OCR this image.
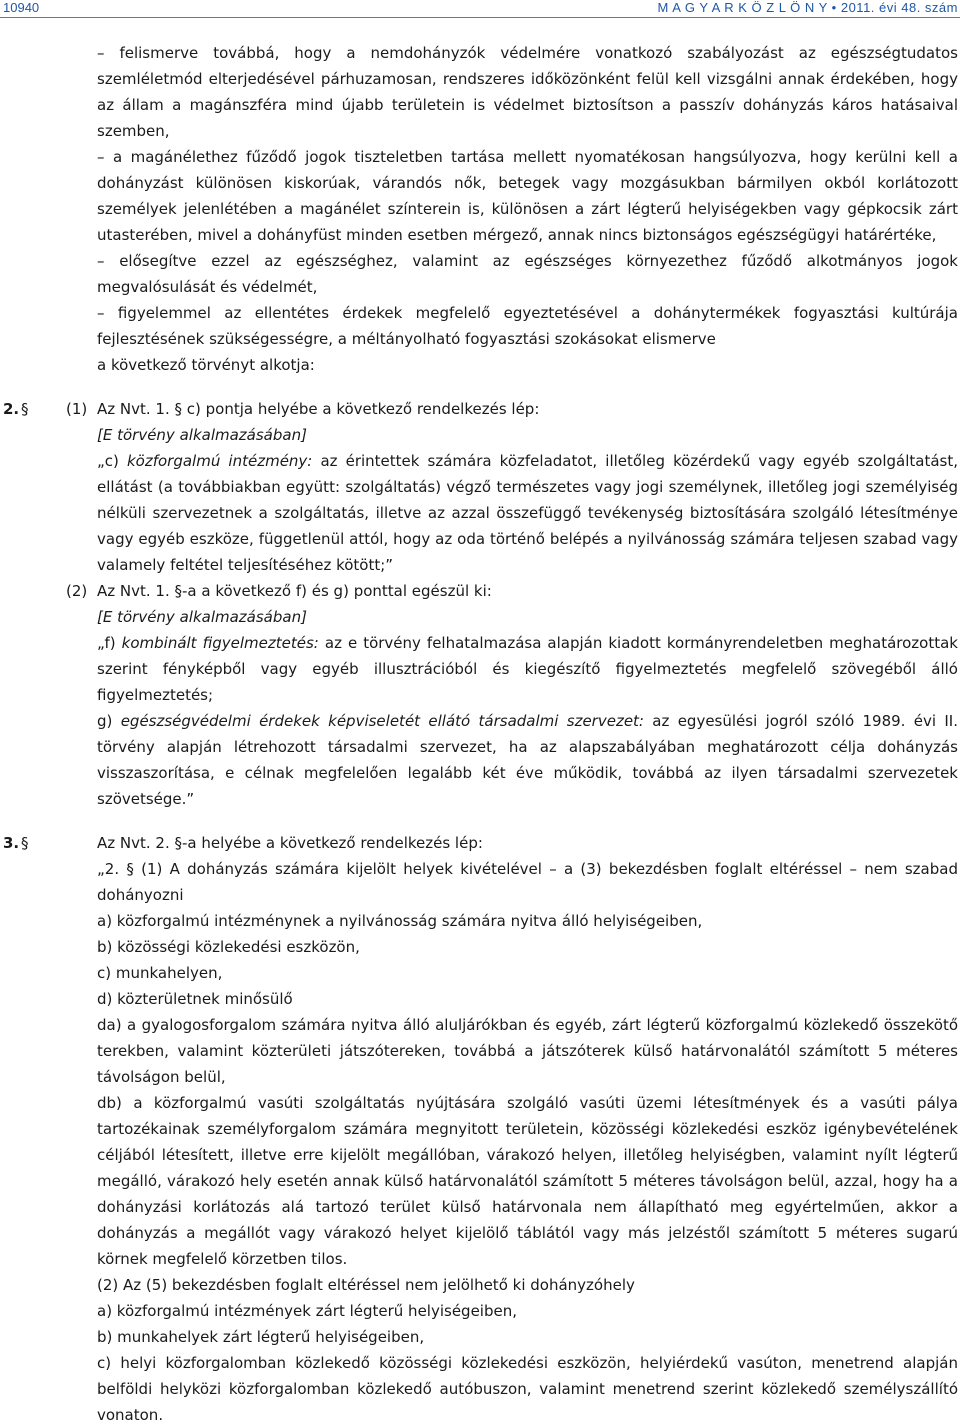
10940	M A G Y A R K Ö Z L Ö N Y • 2011. évi 48. szám

– felismerve továbbá, hogy a nemdohányzók védelmére vonatkozó szabályozást az egészségtudatos szemléletmód elterjedésével párhuzamosan, rendszeres időközönként felül kell vizsgálni annak érdekében, hogy az állam a magánszféra mind újabb területein is védelmet biztosítson a passzív dohányzás káros hatásaival szemben,

– a magánélethez fűződő jogok tiszteletben tartása mellett nyomatékosan hangsúlyozva, hogy kerülni kell a dohányzást különösen kiskorúak, várandós nők, betegek vagy mozgásukban bármilyen okból korlátozott személyek jelenlétében a magánélet színterein is, különösen a zárt légterű helyiségekben vagy gépkocsik zárt utasterében, mivel a dohányfüst minden esetben mérgező, annak nincs biztonságos egészségügyi határértéke,

– elősegítve ezzel az egészséghez, valamint az egészséges környezethez fűződő alkotmányos jogok megvalósulását és védelmét,

– figyelemmel az ellentétes érdekek megfelelő egyeztetésével a dohánytermékek fogyasztási kultúrája fejlesztésének szükségességre, a méltányolható fogyasztási szokásokat elismerve

a következő törvényt alkotja:

2. §	(1) Az Nvt. 1. § c) pontja helyébe a következő rendelkezés lép:

[E törvény alkalmazásában]

„c) közforgalmú intézmény: az érintettek számára közfeladatot, illetőleg közérdekű vagy egyéb szolgáltatást, ellátást (a továbbiakban együtt: szolgáltatás) végző természetes vagy jogi személynek, illetőleg jogi személyiség nélküli szervezetnek a szolgáltatás, illetve az azzal összefüggő tevékenység biztosítására szolgáló létesítménye vagy egyéb eszköze, függetlenül attól, hogy az oda történő belépés a nyilvánosság számára teljesen szabad vagy valamely feltétel teljesítéséhez kötött;”

(2) Az Nvt. 1. §-a a következő f) és g) ponttal egészül ki:

[E törvény alkalmazásában]

„f) kombinált figyelmeztetés: az e törvény felhatalmazása alapján kiadott kormányrendeletben meghatározottak szerint fényképből vagy egyéb illusztrációból és kiegészítő figyelmeztetés megfelelő szövegéből álló figyelmeztetés;

g) egészségvédelmi érdekek képviseletét ellátó társadalmi szervezet: az egyesülési jogról szóló 1989. évi II. törvény alapján létrehozott társadalmi szervezet, ha az alapszabályában meghatározott célja dohányzás visszaszorítása, e célnak megfelelően legalább két éve működik, továbbá az ilyen társadalmi szervezetek szövetsége.”

3. §	Az Nvt. 2. §-a helyébe a következő rendelkezés lép:

„2. § (1) A dohányzás számára kijelölt helyek kivételével – a (3) bekezdésben foglalt eltéréssel – nem szabad dohányozni

a) közforgalmú intézménynek a nyilvánosság számára nyitva álló helyiségeiben,

b) közösségi közlekedési eszközön,

c) munkahelyen,

d) közterületnek minősülő

da) a gyalogosforgalom számára nyitva álló aluljárókban és egyéb, zárt légterű közforgalmú közlekedő összekötő terekben, valamint közterületi játszótereken, továbbá a játszóterek külső határvonalától számított 5 méteres távolságon belül,

db) a közforgalmú vasúti szolgáltatás nyújtására szolgáló vasúti üzemi létesítmények és a vasúti pálya tartozékainak személyforgalom számára megnyitott területein, közösségi közlekedési eszköz igénybevételének céljából létesített, illetve erre kijelölt megállóban, várakozó helyen, illetőleg helyiségben, valamint nyílt légterű megálló, várakozó hely esetén annak külső határvonalától számított 5 méteres távolságon belül, azzal, hogy ha a dohányzási korlátozás alá tartozó terület külső határvonala nem állapítható meg egyértelműen, akkor a dohányzás a megállót vagy várakozó helyet kijelölő táblától vagy más jelzéstől számított 5 méteres sugarú körnek megfelelő körzetben tilos.

(2) Az (5) bekezdésben foglalt eltéréssel nem jelölhető ki dohányzóhely

a) közforgalmú intézmények zárt légterű helyiségeiben,

b) munkahelyek zárt légterű helyiségeiben,

c) helyi közforgalomban közlekedő közösségi közlekedési eszközön, helyiérdekű vasúton, menetrend alapján belföldi helyközi közforgalomban közlekedő autóbuszon, valamint menetrend szerint közlekedő személyszállító vonaton.
